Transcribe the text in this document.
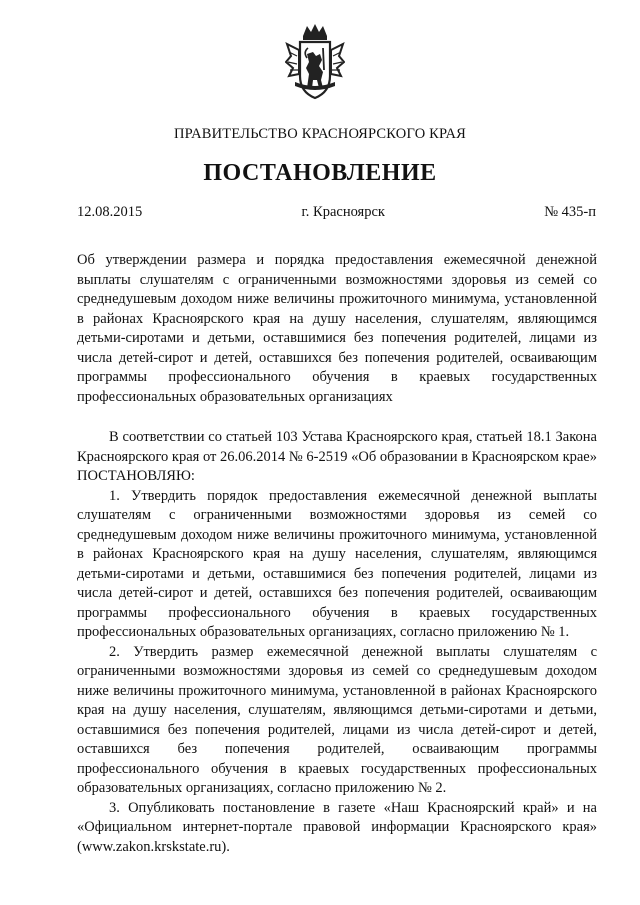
ПРАВИТЕЛЬСТВО КРАСНОЯРСКОГО КРАЯ
ПОСТАНОВЛЕНИЕ
12.08.2015	г. Красноярск	№ 435-п
Об утверждении размера и порядка предоставления ежемесячной денежной выплаты слушателям с ограниченными возможностями здоровья из семей со среднедушевым доходом ниже величины прожиточного минимума, установленной в районах Красноярского края на душу населения, слушателям, являющимся детьми-сиротами и детьми, оставшимися без попечения родителей, лицами из числа детей-сирот и детей, оставшихся без попечения родителей, осваивающим программы профессионального обучения в краевых государственных профессиональных образовательных организациях

В соответствии со статьей 103 Устава Красноярского края, статьей 18.1 Закона Красноярского края от 26.06.2014 № 6-2519 «Об образовании в Красноярском крае» ПОСТАНОВЛЯЮ:

1. Утвердить порядок предоставления ежемесячной денежной выплаты слушателям с ограниченными возможностями здоровья из семей со среднедушевым доходом ниже величины прожиточного минимума, установленной в районах Красноярского края на душу населения, слушателям, являющимся детьми-сиротами и детьми, оставшимися без попечения родителей, лицами из числа детей-сирот и детей, оставшихся без попечения родителей, осваивающим программы профессионального обучения в краевых государственных профессиональных образовательных организациях, согласно приложению № 1.

2. Утвердить размер ежемесячной денежной выплаты слушателям с ограниченными возможностями здоровья из семей со среднедушевым доходом ниже величины прожиточного минимума, установленной в районах Красноярского края на душу населения, слушателям, являющимся детьми-сиротами и детьми, оставшимися без попечения родителей, лицами из числа детей-сирот и детей, оставшихся без попечения родителей, осваивающим программы профессионального обучения в краевых государственных профессиональных образовательных организациях, согласно приложению № 2.

3. Опубликовать постановление в газете «Наш Красноярский край» и на «Официальном интернет-портале правовой информации Красноярского края» (www.zakon.krskstate.ru).
